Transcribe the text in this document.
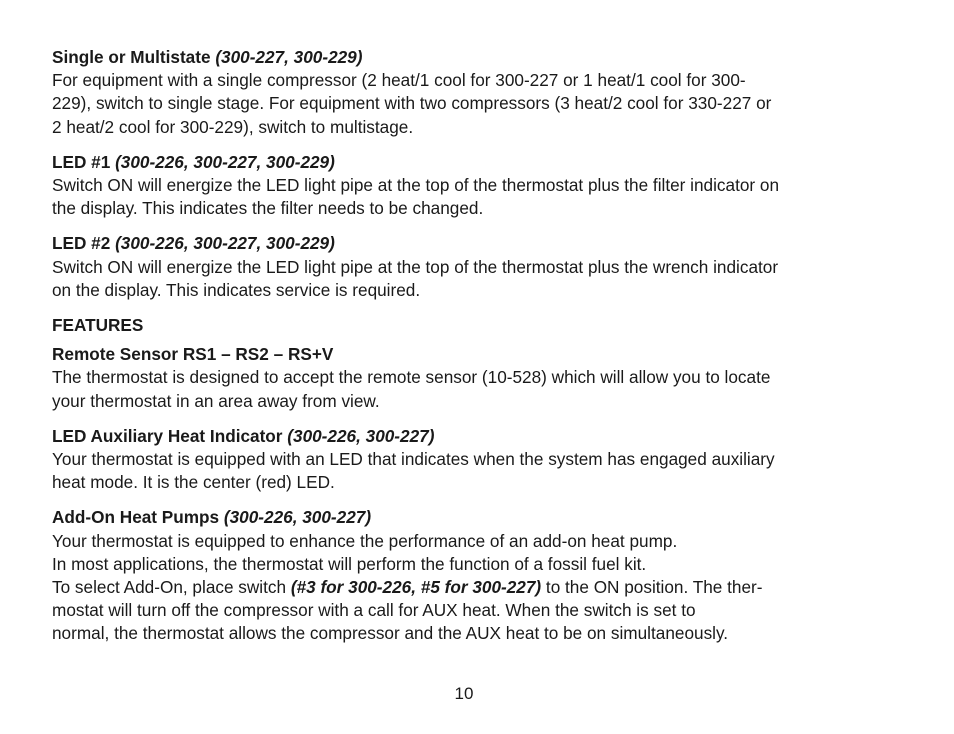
Single or Multistate (300-227, 300-229)
For equipment with a single compressor (2 heat/1 cool for 300-227 or 1 heat/1 cool for 300-
229), switch to single stage. For equipment with two compressors (3 heat/2 cool for 330-227 or
2 heat/2 cool for 300-229), switch to multistage.
LED #1 (300-226, 300-227, 300-229)
Switch ON will energize the LED light pipe at the top of the thermostat plus the filter indicator on
the display. This indicates the filter needs to be changed.
LED #2 (300-226, 300-227, 300-229)
Switch ON will energize the LED light pipe at the top of the thermostat plus the wrench indicator
on the display. This indicates service is required.
FEATURES
Remote Sensor RS1 – RS2 – RS+V
The thermostat is designed to accept the remote sensor (10-528) which will allow you to locate
your thermostat in an area away from view.
LED Auxiliary Heat Indicator (300-226, 300-227)
Your thermostat is equipped with an LED that indicates when the system has engaged auxiliary
heat mode. It is the center (red) LED.
Add-On Heat Pumps (300-226, 300-227)
Your thermostat is equipped to enhance the performance of an add-on heat pump.
In most applications, the thermostat will perform the function of a fossil fuel kit.
To select Add-On, place switch (#3 for 300-226, #5 for 300-227) to the ON position. The ther-
mostat will turn off the compressor with a call for AUX heat. When the switch is set to
normal, the thermostat allows the compressor and the AUX heat to be on simultaneously.
10
